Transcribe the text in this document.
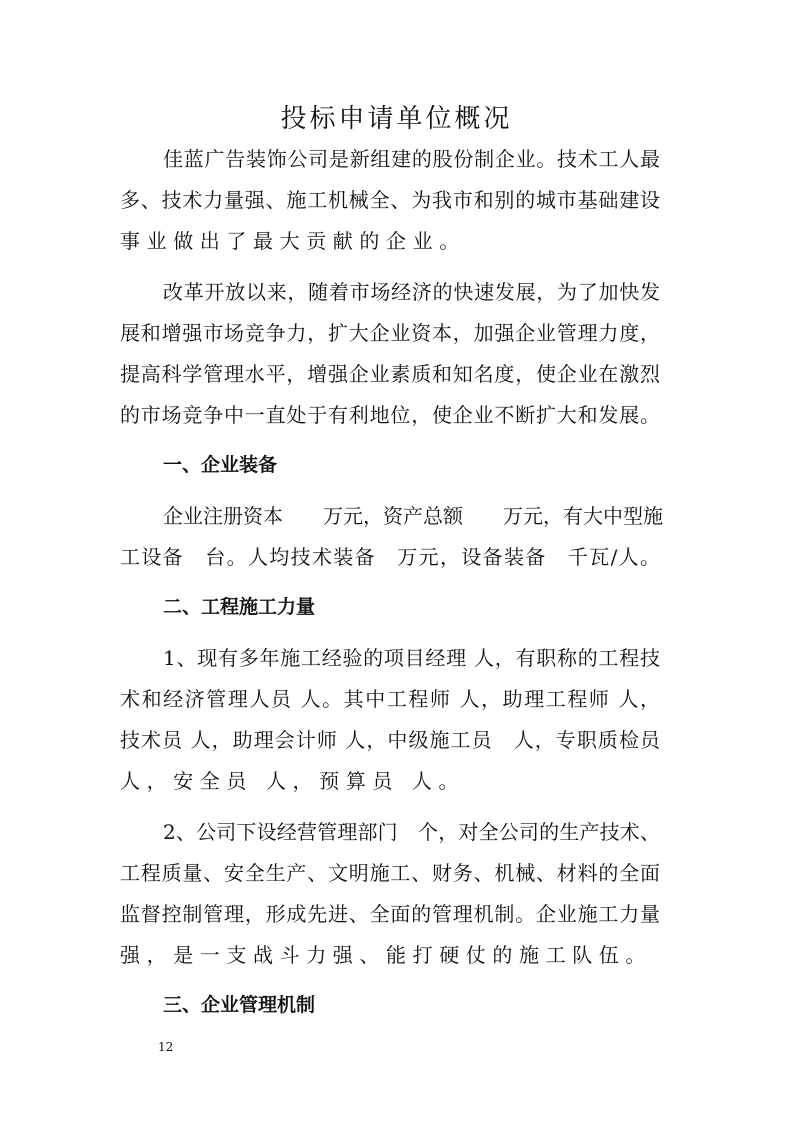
投标申请单位概况
佳蓝广告装饰公司是新组建的股份制企业。技术工人最
多、技术力量强、施工机械全、为我市和别的城市基础建设
事业做出了最大贡献的企业。
改革开放以来，随着市场经济的快速发展，为了加快发
展和增强市场竞争力，扩大企业资本，加强企业管理力度，
提高科学管理水平，增强企业素质和知名度，使企业在激烈
的市场竞争中一直处于有利地位，使企业不断扩大和发展。
一、企业装备
企业注册资本　　万元，资产总额　　万元，有大中型施
工设备　台。人均技术装备　万元，设备装备　千瓦/人。
二、工程施工力量
1、现有多年施工经验的项目经理 人，有职称的工程技
术和经济管理人员 人。其中工程师 人，助理工程师 人，
技术员 人，助理会计师 人，中级施工员　人，专职质检员
人，安全员 人，预算员 人。
2、公司下设经营管理部门　个，对全公司的生产技术、
工程质量、安全生产、文明施工、财务、机械、材料的全面
监督控制管理，形成先进、全面的管理机制。企业施工力量
强，是一支战斗力强、能打硬仗的施工队伍。
三、企业管理机制
12
